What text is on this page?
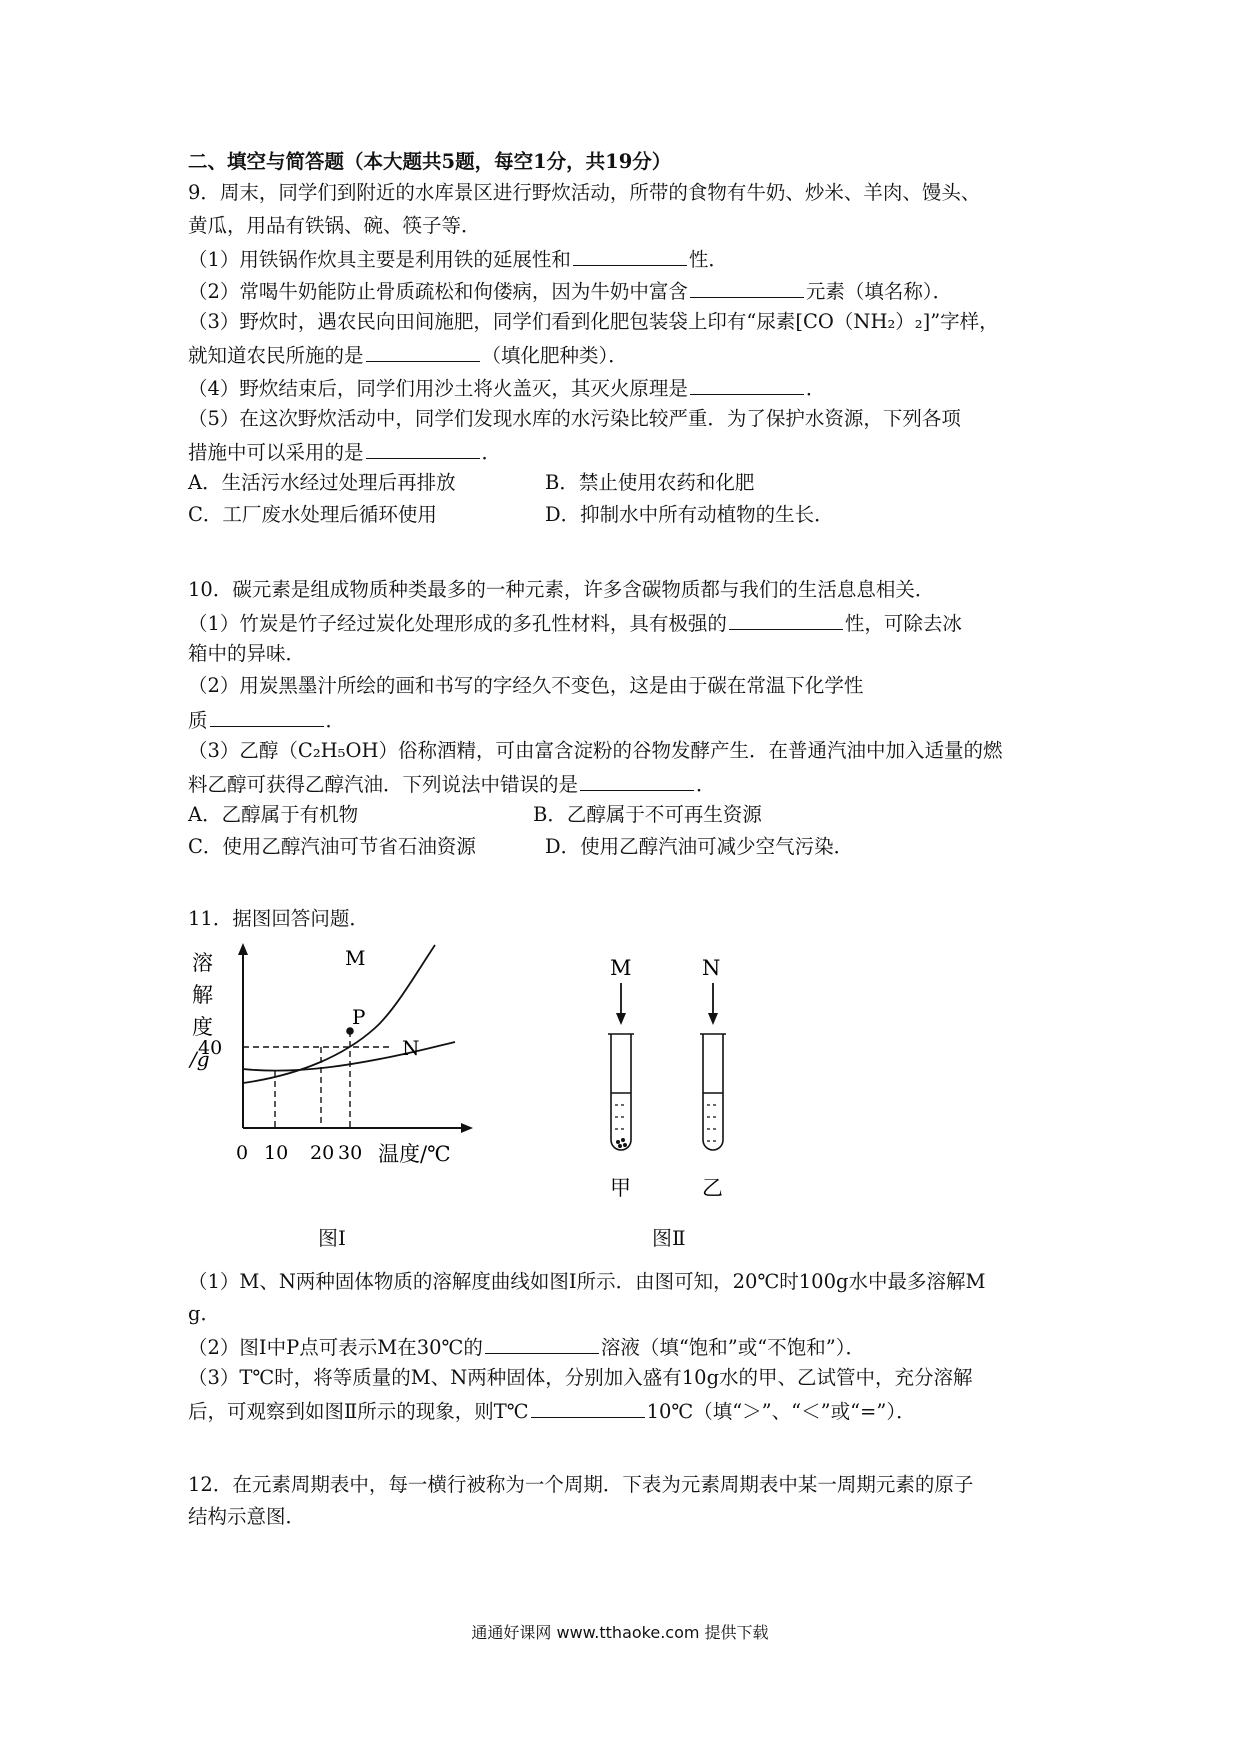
二、填空与简答题（本大题共5题，每空1分，共19分）
9．周末，同学们到附近的水库景区进行野炊活动，所带的食物有牛奶、炒米、羊肉、馒头、
黄瓜，用品有铁锅、碗、筷子等．
（1）用铁锅作炊具主要是利用铁的延展性和	性．
（2）常喝牛奶能防止骨质疏松和佝偻病，因为牛奶中富含	元素（填名称）．
（3）野炊时，遇农民向田间施肥，同学们看到化肥包装袋上印有“尿素[CO（NH₂）₂]”字样，
就知道农民所施的是	（填化肥种类）．
（4）野炊结束后，同学们用沙土将火盖灭，其灭火原理是	．
（5）在这次野炊活动中，同学们发现水库的水污染比较严重．为了保护水资源，下列各项
措施中可以采用的是	．
A．生活污水经过处理后再排放	B．禁止使用农药和化肥
C．工厂废水处理后循环使用	D．抑制水中所有动植物的生长．
10．碳元素是组成物质种类最多的一种元素，许多含碳物质都与我们的生活息息相关．
（1）竹炭是竹子经过炭化处理形成的多孔性材料，具有极强的	性，可除去冰
箱中的异味．
（2）用炭黑墨汁所绘的画和书写的字经久不变色，这是由于碳在常温下化学性
质	．
（3）乙醇（C₂H₅OH）俗称酒精，可由富含淀粉的谷物发酵产生．在普通汽油中加入适量的燃
料乙醇可获得乙醇汽油．下列说法中错误的是	．
A．乙醇属于有机物	B．乙醇属于不可再生资源
C．使用乙醇汽油可节省石油资源	D．使用乙醇汽油可减少空气污染．
11．据图回答问题．
溶
解
度
/g
40
M
P
N
0 10 20 30 温度/℃
图Ⅰ
M	N
甲	乙
图Ⅱ
（1）M、N两种固体物质的溶解度曲线如图Ⅰ所示．由图可知，20℃时100g水中最多溶解M
g．
（2）图Ⅰ中P点可表示M在30℃的	溶液（填“饱和”或“不饱和”）．
（3）T℃时，将等质量的M、N两种固体，分别加入盛有10g水的甲、乙试管中，充分溶解
后，可观察到如图Ⅱ所示的现象，则T℃	10℃（填“＞”、“＜”或“=”）．
12．在元素周期表中，每一横行被称为一个周期．下表为元素周期表中某一周期元素的原子
结构示意图．
通通好课网 www.tthaoke.com 提供下载
